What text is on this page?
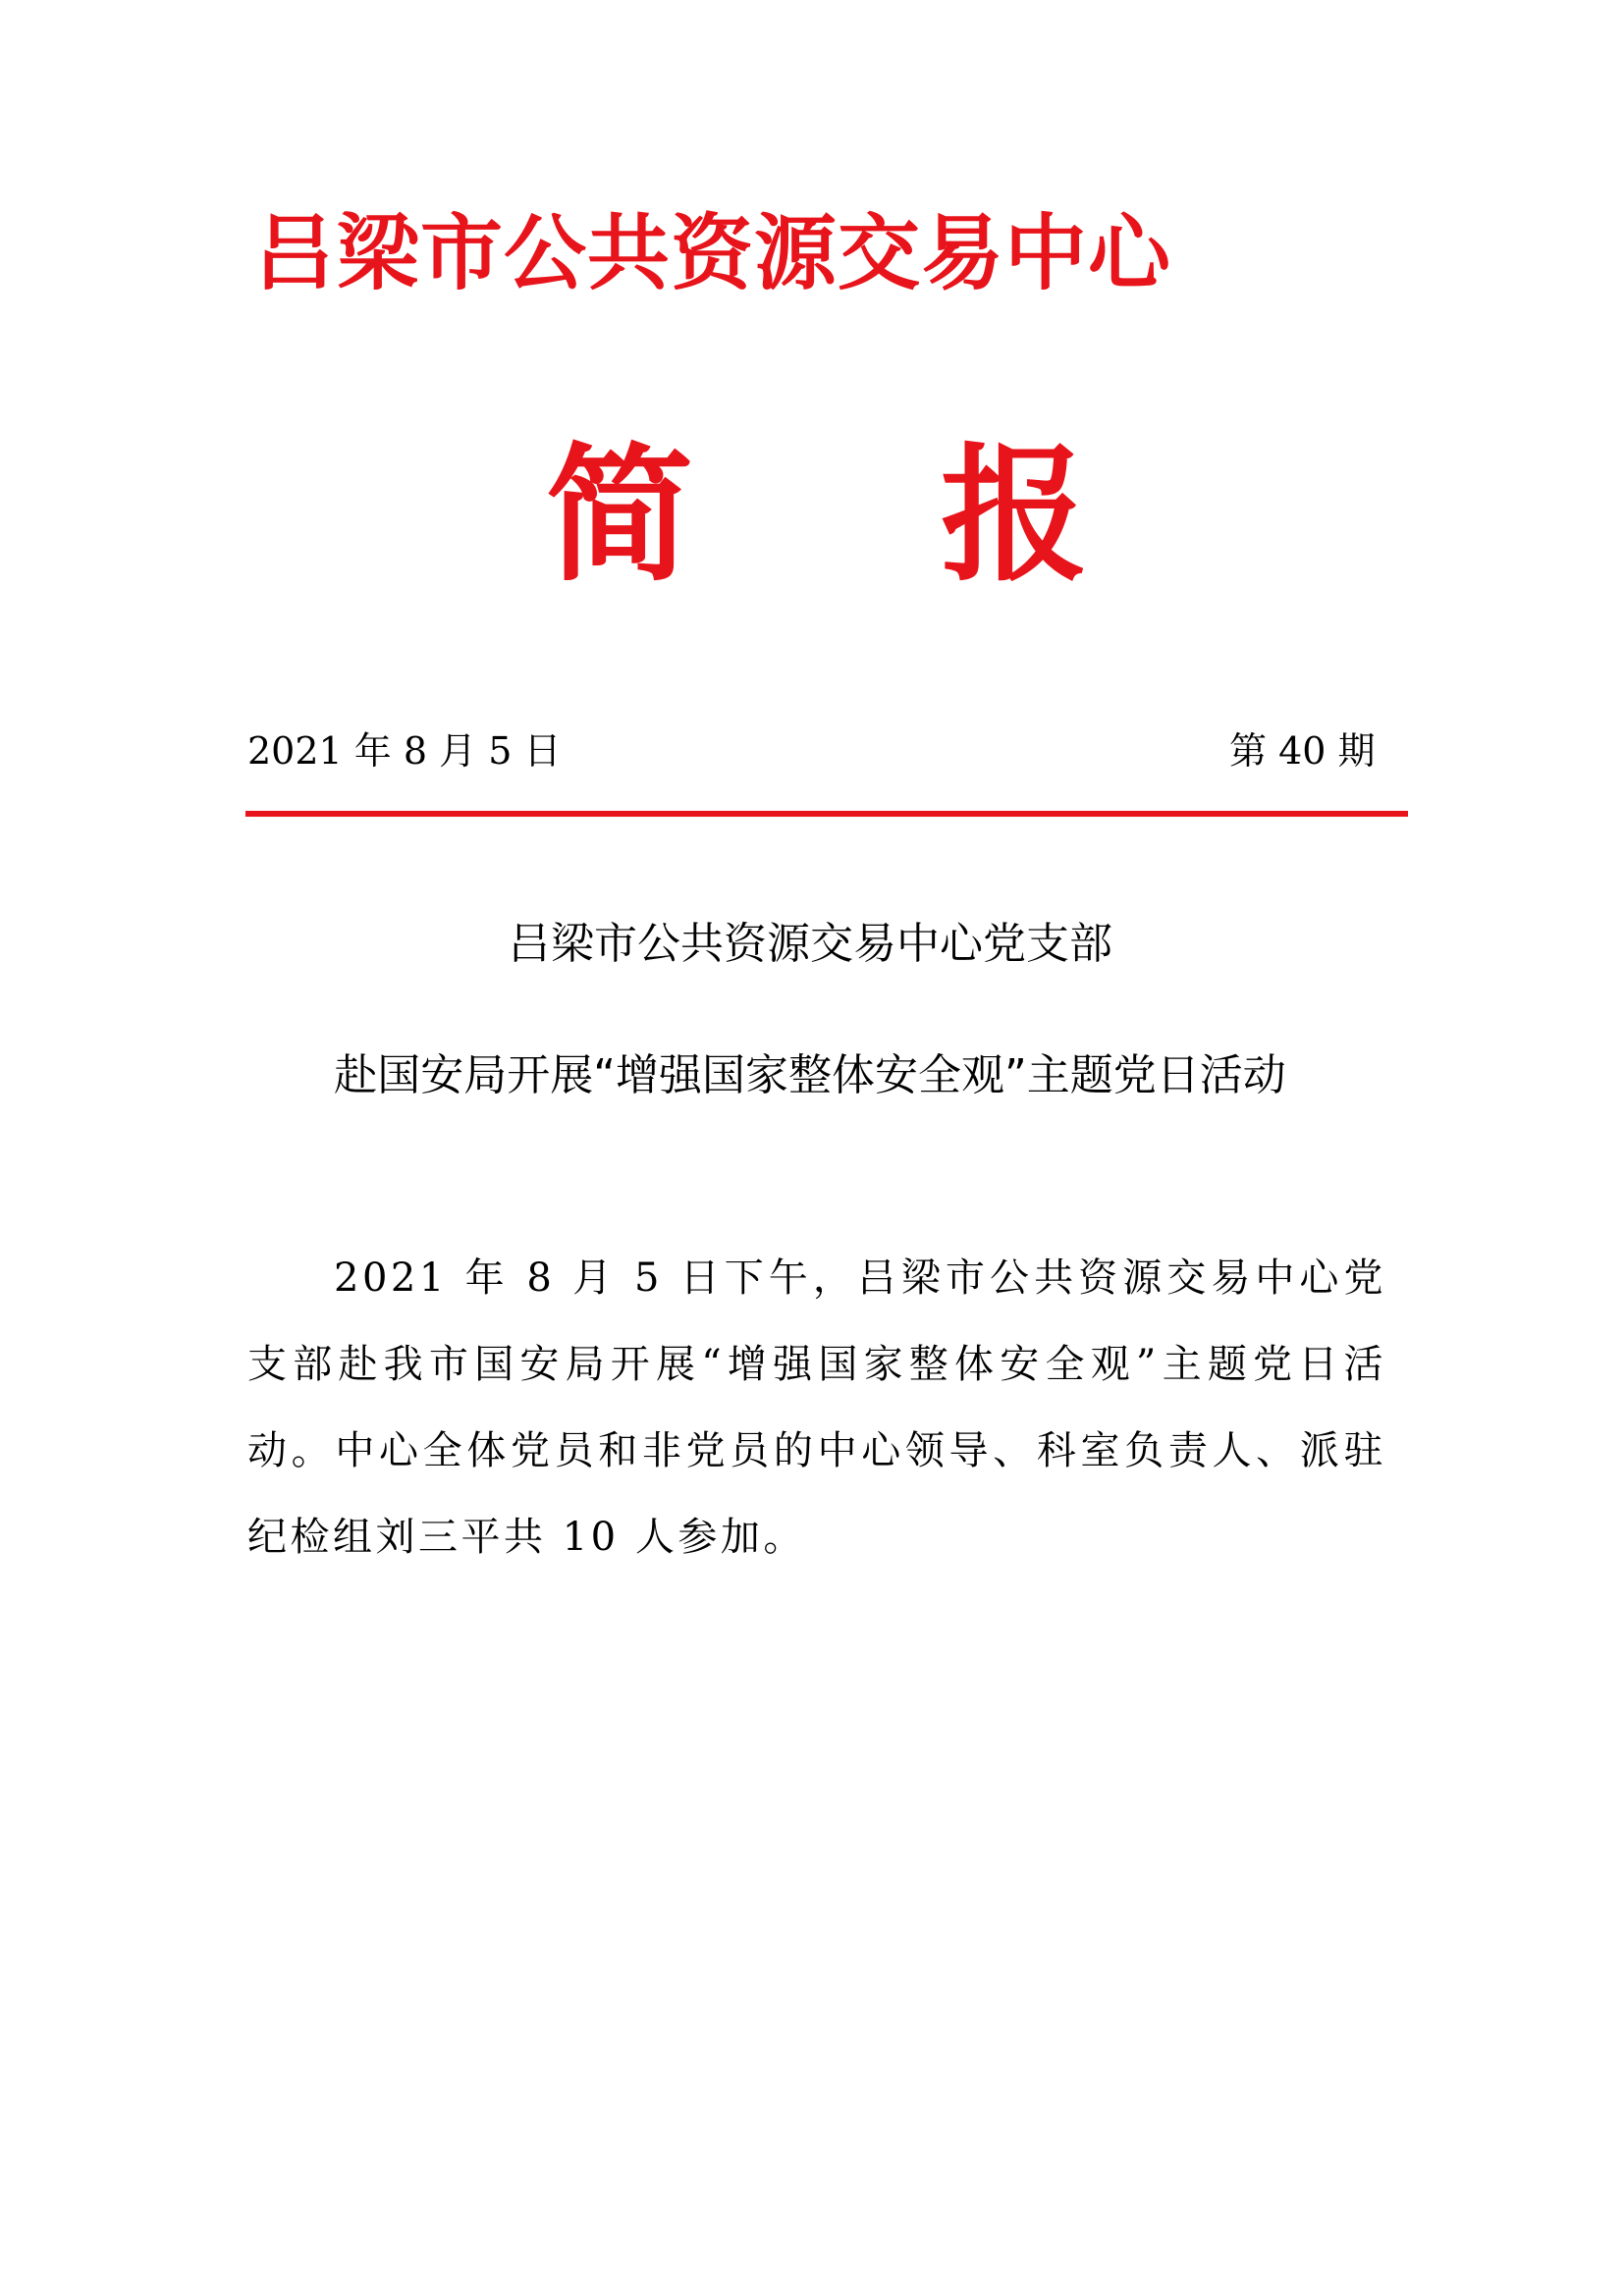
吕梁市公共资源交易中心
简 报
2021 年 8 月 5 日	第 40 期
吕梁市公共资源交易中心党支部
赴国安局开展“增强国家整体安全观”主题党日活动

2021 年 8 月 5 日下午，吕梁市公共资源交易中心党支部赴我市国安局开展“增强国家整体安全观”主题党日活动。中心全体党员和非党员的中心领导、科室负责人、派驻纪检组刘三平共 10 人参加。
